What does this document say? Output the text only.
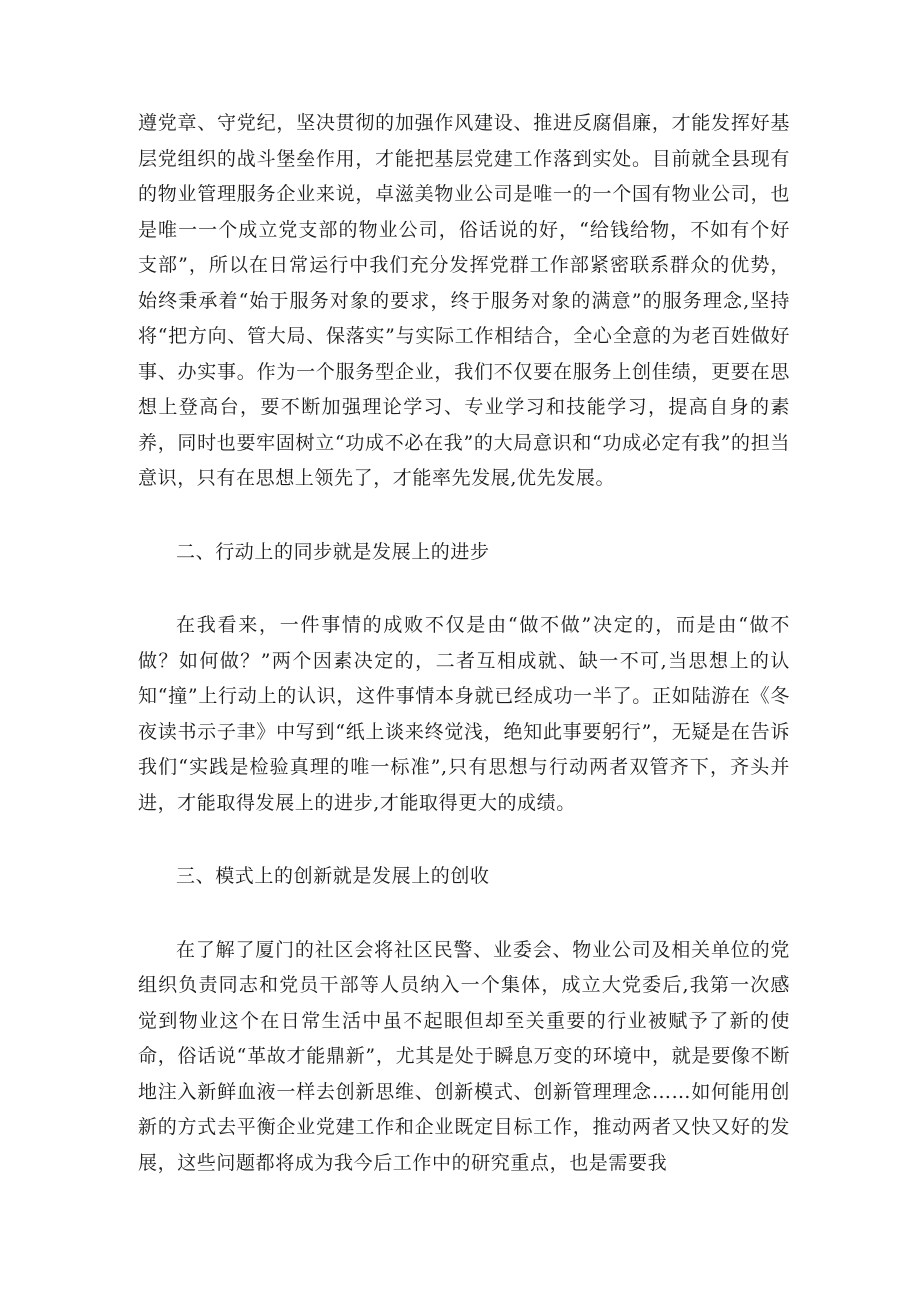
遵党章、守党纪，坚决贯彻的加强作风建设、推进反腐倡廉，才能发挥好基层党组织的战斗堡垒作用，才能把基层党建工作落到实处。目前就全县现有的物业管理服务企业来说，卓滋美物业公司是唯一的一个国有物业公司，也是唯一一个成立党支部的物业公司，俗话说的好，“给钱给物，不如有个好支部”，所以在日常运行中我们充分发挥党群工作部紧密联系群众的优势，始终秉承着“始于服务对象的要求，终于服务对象的满意”的服务理念,坚持将“把方向、管大局、保落实”与实际工作相结合，全心全意的为老百姓做好事、办实事。作为一个服务型企业，我们不仅要在服务上创佳绩，更要在思想上登高台，要不断加强理论学习、专业学习和技能学习，提高自身的素养，同时也要牢固树立“功成不必在我”的大局意识和“功成必定有我”的担当意识，只有在思想上领先了，才能率先发展,优先发展。

二、行动上的同步就是发展上的进步

在我看来，一件事情的成败不仅是由“做不做”决定的，而是由“做不做？如何做？”两个因素决定的，二者互相成就、缺一不可,当思想上的认知“撞”上行动上的认识，这件事情本身就已经成功一半了。正如陆游在《冬夜读书示子聿》中写到“纸上谈来终觉浅，绝知此事要躬行”，无疑是在告诉我们“实践是检验真理的唯一标准”,只有思想与行动两者双管齐下，齐头并进，才能取得发展上的进步,才能取得更大的成绩。

三、模式上的创新就是发展上的创收

在了解了厦门的社区会将社区民警、业委会、物业公司及相关单位的党组织负责同志和党员干部等人员纳入一个集体，成立大党委后,我第一次感觉到物业这个在日常生活中虽不起眼但却至关重要的行业被赋予了新的使命，俗话说“革故才能鼎新”，尤其是处于瞬息万变的环境中，就是要像不断地注入新鲜血液一样去创新思维、创新模式、创新管理理念……如何能用创新的方式去平衡企业党建工作和企业既定目标工作，推动两者又快又好的发展，这些问题都将成为我今后工作中的研究重点，也是需要我
